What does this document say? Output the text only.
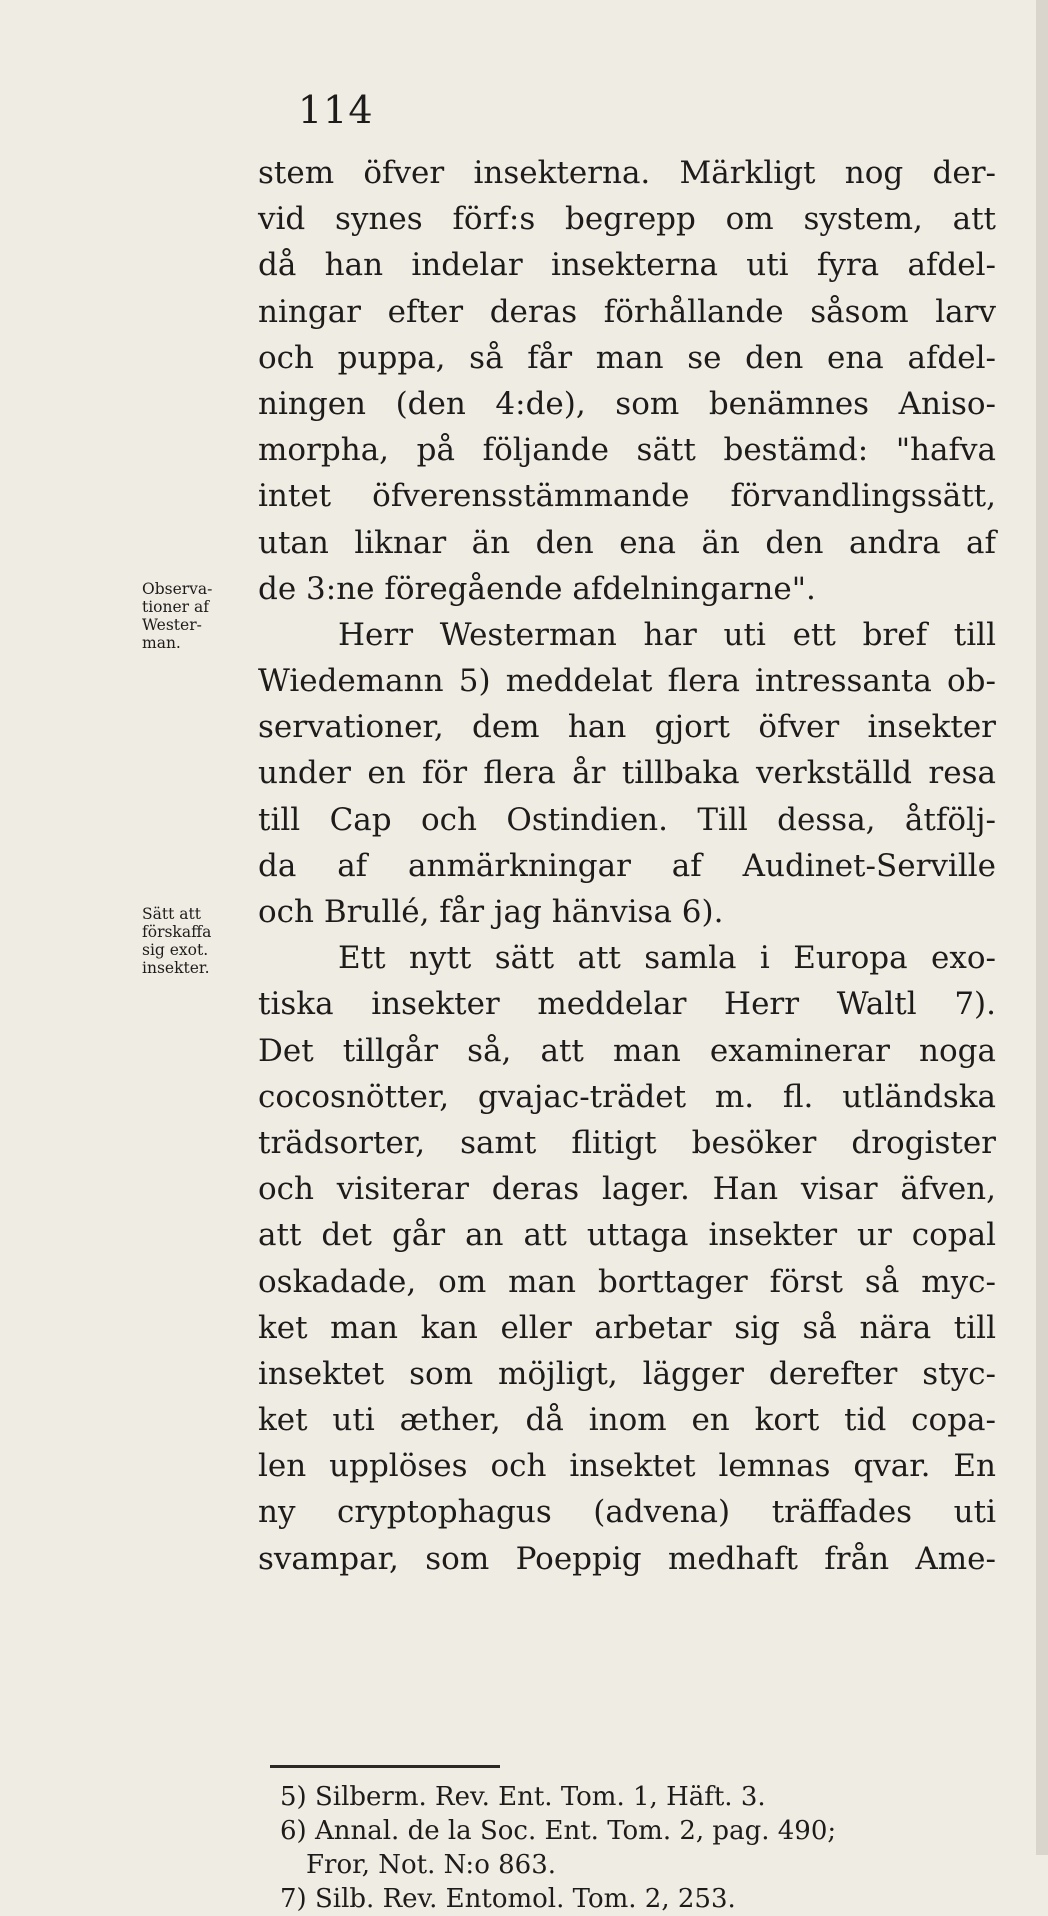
114
Observa-
tioner af
Wester-
man.
Sätt att
förskaffa
sig exot.
insekter.
stem öfver insekterna. Märkligt nog der-
vid synes förf:s begrepp om system, att
då han indelar insekterna uti fyra afdel-
ningar efter deras förhållande såsom larv
och puppa, så får man se den ena afdel-
ningen (den 4:de), som benämnes Aniso-
morpha, på följande sätt bestämd: "hafva
intet öfverensstämmande förvandlingssätt,
utan liknar än den ena än den andra af
de 3:ne föregående afdelningarne".
Herr Westerman har uti ett bref till
Wiedemann 5) meddelat flera intressanta ob-
servationer, dem han gjort öfver insekter
under en för flera år tillbaka verkställd resa
till Cap och Ostindien. Till dessa, åtfölj-
da af anmärkningar af Audinet-Serville
och Brullé, får jag hänvisa 6).
Ett nytt sätt att samla i Europa exo-
tiska insekter meddelar Herr Waltl 7).
Det tillgår så, att man examinerar noga
cocosnötter, gvajac-trädet m. fl. utländska
trädsorter, samt flitigt besöker drogister
och visiterar deras lager. Han visar äfven,
att det går an att uttaga insekter ur copal
oskadade, om man borttager först så myc-
ket man kan eller arbetar sig så nära till
insektet som möjligt, lägger derefter styc-
ket uti æther, då inom en kort tid copa-
len upplöses och insektet lemnas qvar. En
ny cryptophagus (advena) träffades uti
svampar, som Poeppig medhaft från Ame-
5) Silberm. Rev. Ent. Tom. 1, Häft. 3.
6) Annal. de la Soc. Ent. Tom. 2, pag. 490;
Fror, Not. N:o 863.
7) Silb. Rev. Entomol. Tom. 2, 253.
